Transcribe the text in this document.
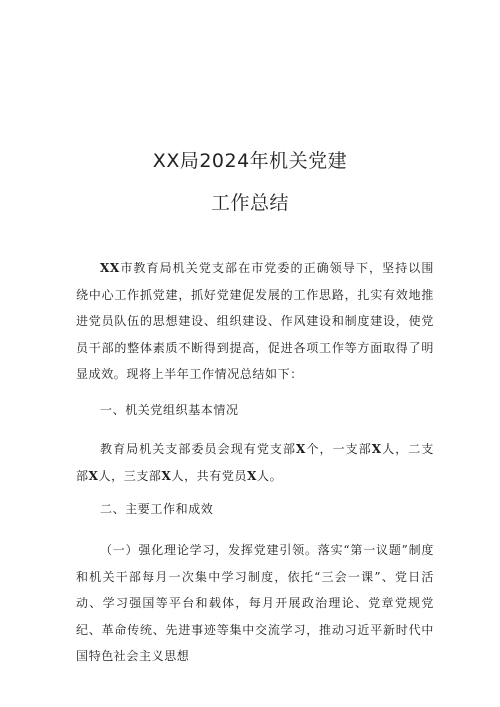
XX局2024年机关党建
工作总结
XX市教育局机关党支部在市党委的正确领导下，坚持以围绕中心工作抓党建，抓好党建促发展的工作思路，扎实有效地推进党员队伍的思想建设、组织建设、作风建设和制度建设，使党员干部的整体素质不断得到提高，促进各项工作等方面取得了明显成效。现将上半年工作情况总结如下：
一、机关党组织基本情况
教育局机关支部委员会现有党支部X个，一支部X人，二支部X人，三支部X人，共有党员X人。
二、主要工作和成效
（一）强化理论学习，发挥党建引领。落实“第一议题”制度和机关干部每月一次集中学习制度，依托“三会一课”、党日活动、学习强国等平台和载体，每月开展政治理论、党章党规党纪、革命传统、先进事迹等集中交流学习，推动习近平新时代中国特色社会主义思想
